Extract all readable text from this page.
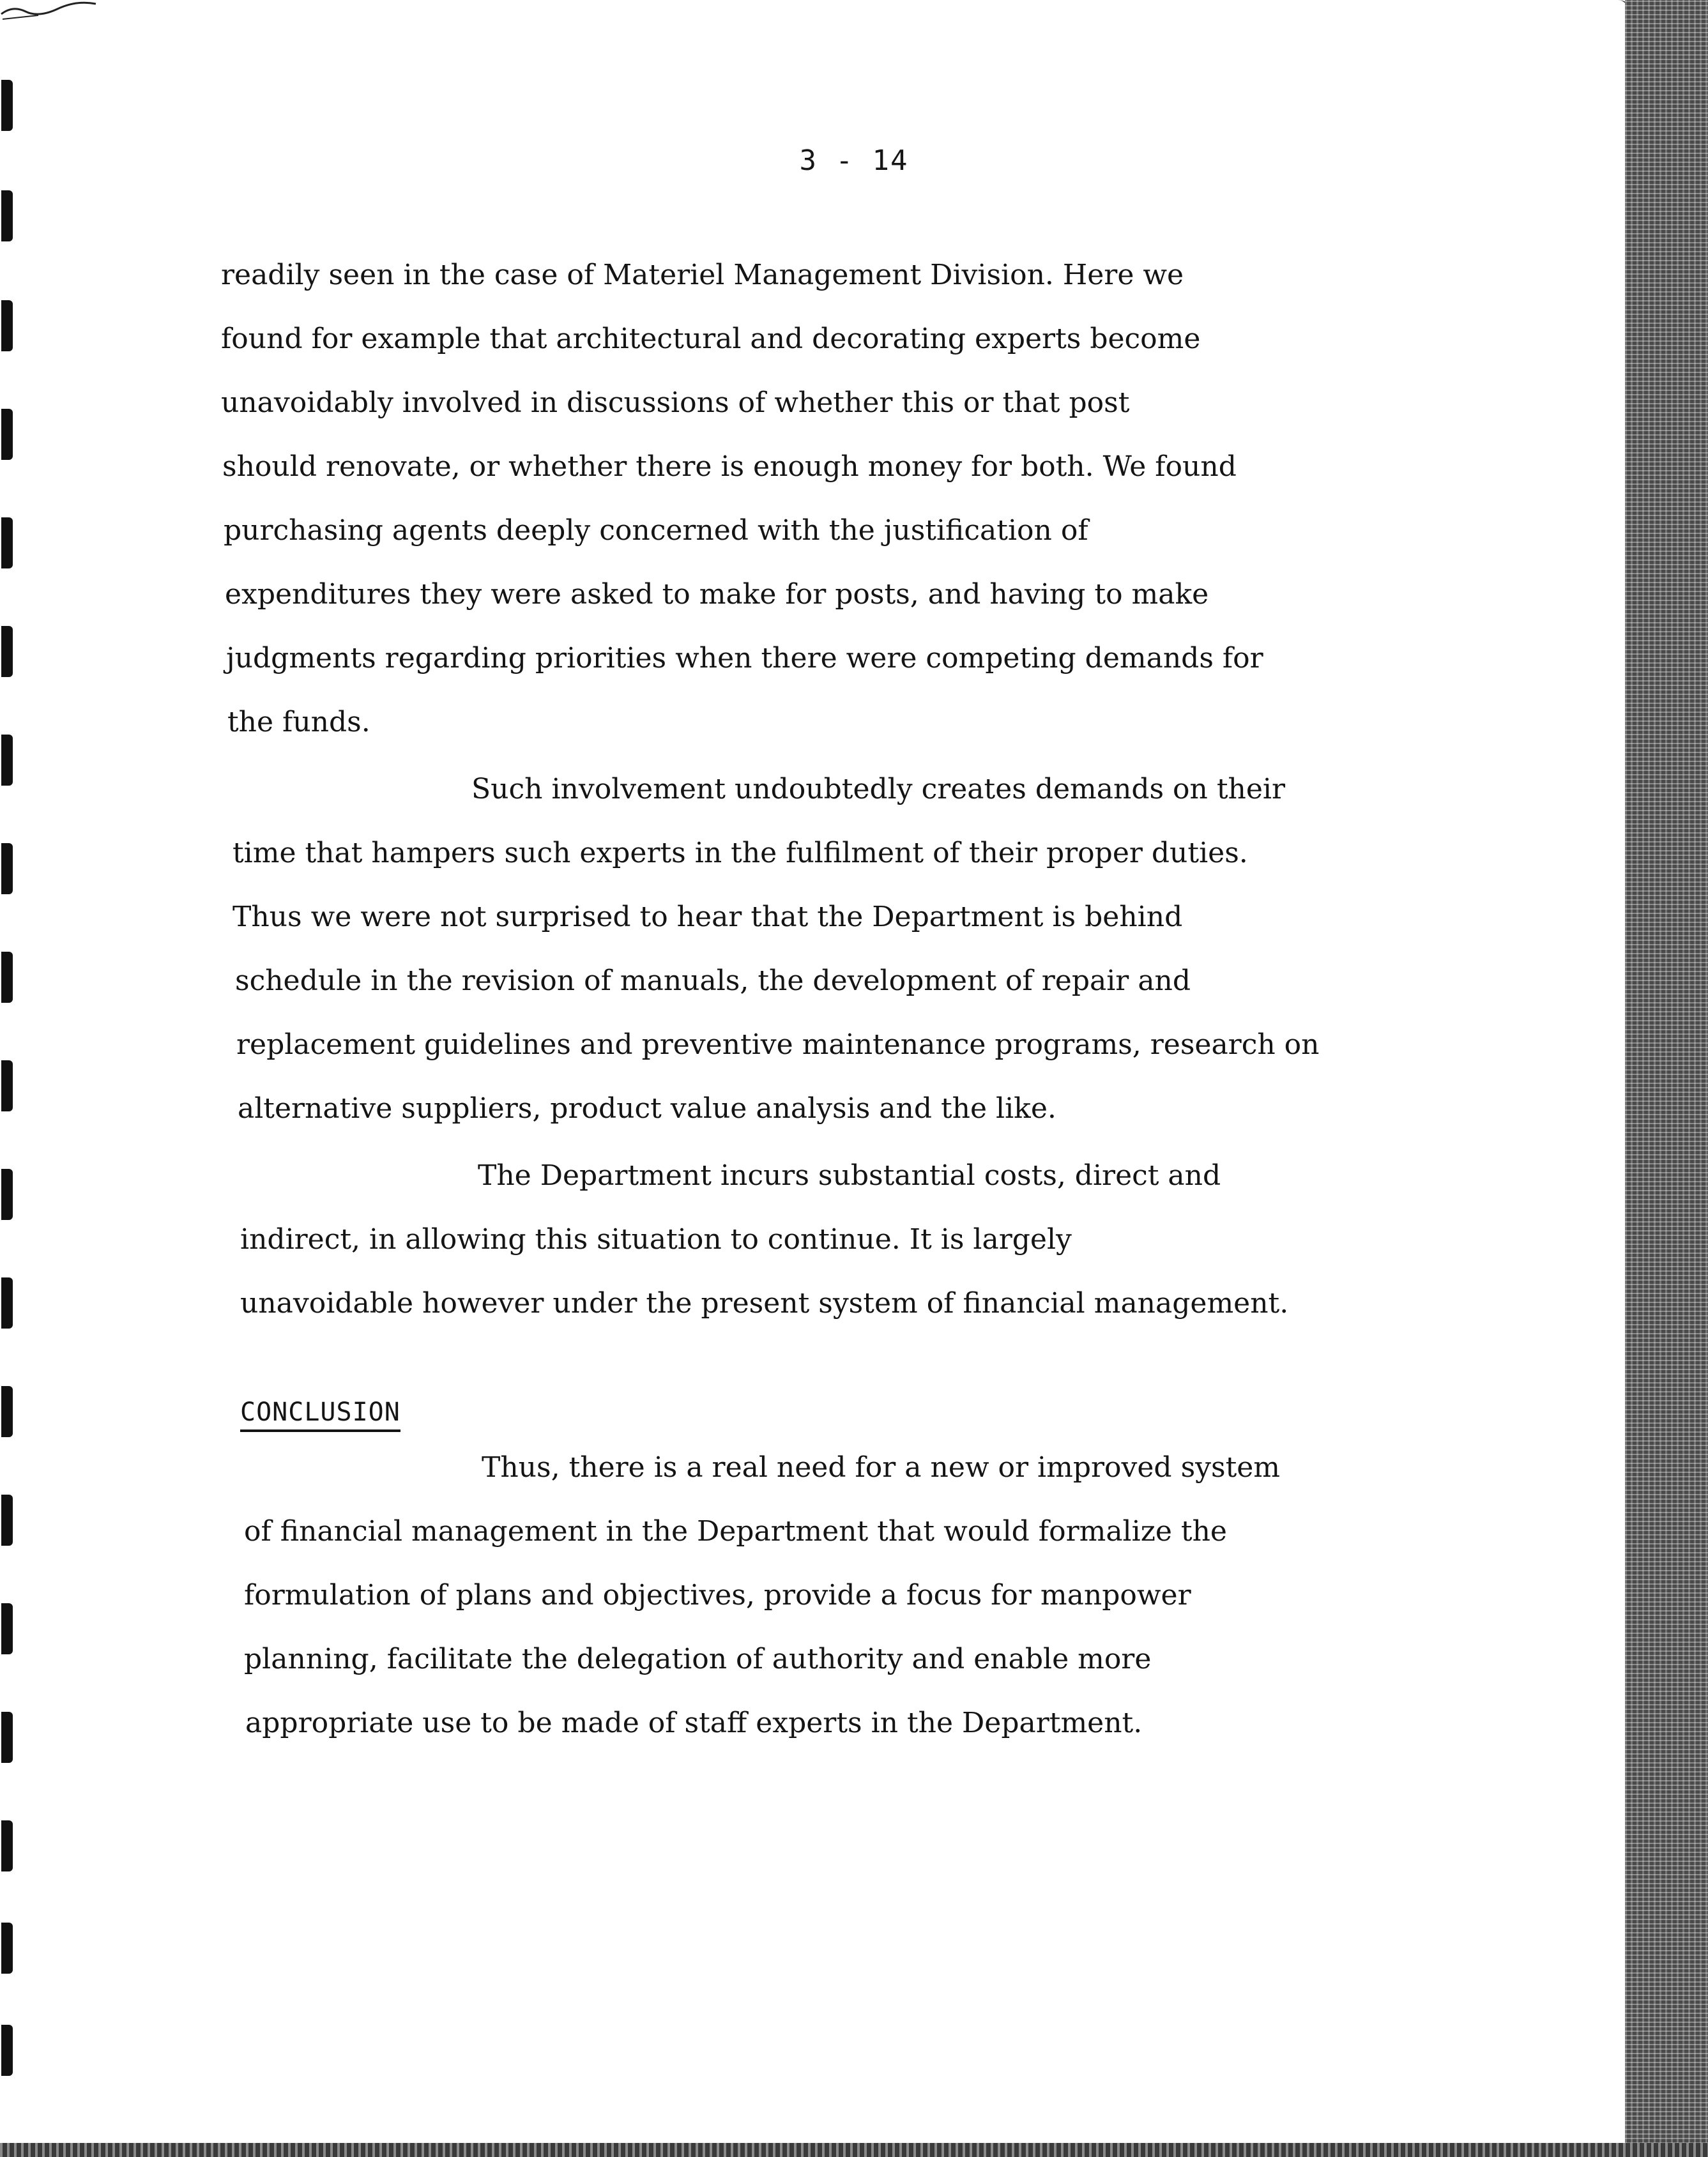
3 - 14
readily seen in the case of Materiel Management Division. Here we
found for example that architectural and decorating experts become
unavoidably involved in discussions of whether this or that post
should renovate, or whether there is enough money for both. We found
purchasing agents deeply concerned with the justification of
expenditures they were asked to make for posts, and having to make
judgments regarding priorities when there were competing demands for
the funds.
Such involvement undoubtedly creates demands on their
time that hampers such experts in the fulfilment of their proper duties.
Thus we were not surprised to hear that the Department is behind
schedule in the revision of manuals, the development of repair and
replacement guidelines and preventive maintenance programs, research on
alternative suppliers, product value analysis and the like.
The Department incurs substantial costs, direct and
indirect, in allowing this situation to continue. It is largely
unavoidable however under the present system of financial management.
CONCLUSION
Thus, there is a real need for a new or improved system
of financial management in the Department that would formalize the
formulation of plans and objectives, provide a focus for manpower
planning, facilitate the delegation of authority and enable more
appropriate use to be made of staff experts in the Department.
